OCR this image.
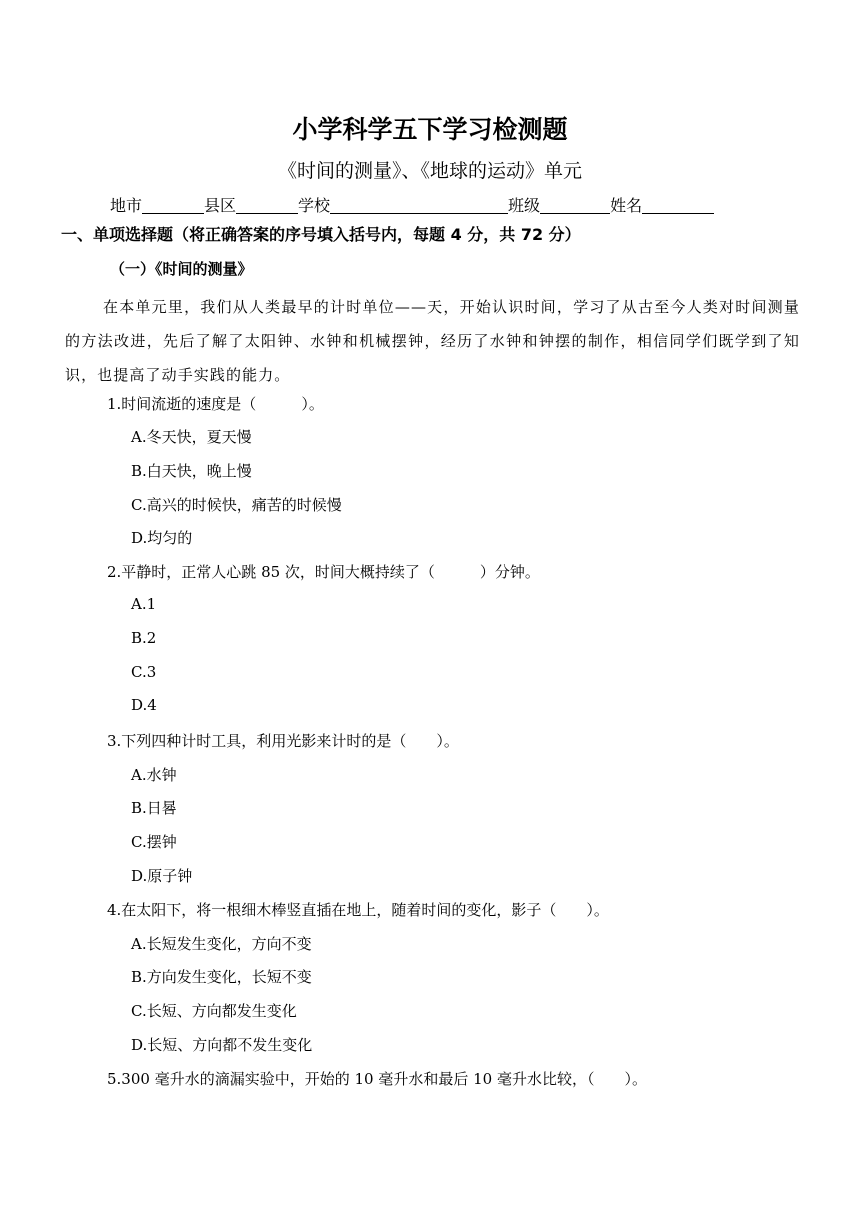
小学科学五下学习检测题
《时间的测量》、《地球的运动》单元
地市	县区	学校	班级	姓名
一、单项选择题（将正确答案的序号填入括号内，每题 4 分，共 72 分）
（一）《时间的测量》
在本单元里，我们从人类最早的计时单位——天，开始认识时间，学习了从古至今人类对时间测量的方法改进，先后了解了太阳钟、水钟和机械摆钟，经历了水钟和钟摆的制作，相信同学们既学到了知识，也提高了动手实践的能力。
1.时间流逝的速度是（　　　）。
A.冬天快，夏天慢
B.白天快，晚上慢
C.高兴的时候快，痛苦的时候慢
D.均匀的
2.平静时，正常人心跳 85 次，时间大概持续了（　　　）分钟。
A.1
B.2
C.3
D.4
3.下列四种计时工具，利用光影来计时的是（　　）。
A.水钟
B.日晷
C.摆钟
D.原子钟
4.在太阳下，将一根细木棒竖直插在地上，随着时间的变化，影子（　　）。
A.长短发生变化，方向不变
B.方向发生变化，长短不变
C.长短、方向都发生变化
D.长短、方向都不发生变化
5.300 毫升水的滴漏实验中，开始的 10 毫升水和最后 10 毫升水比较，（　　）。
